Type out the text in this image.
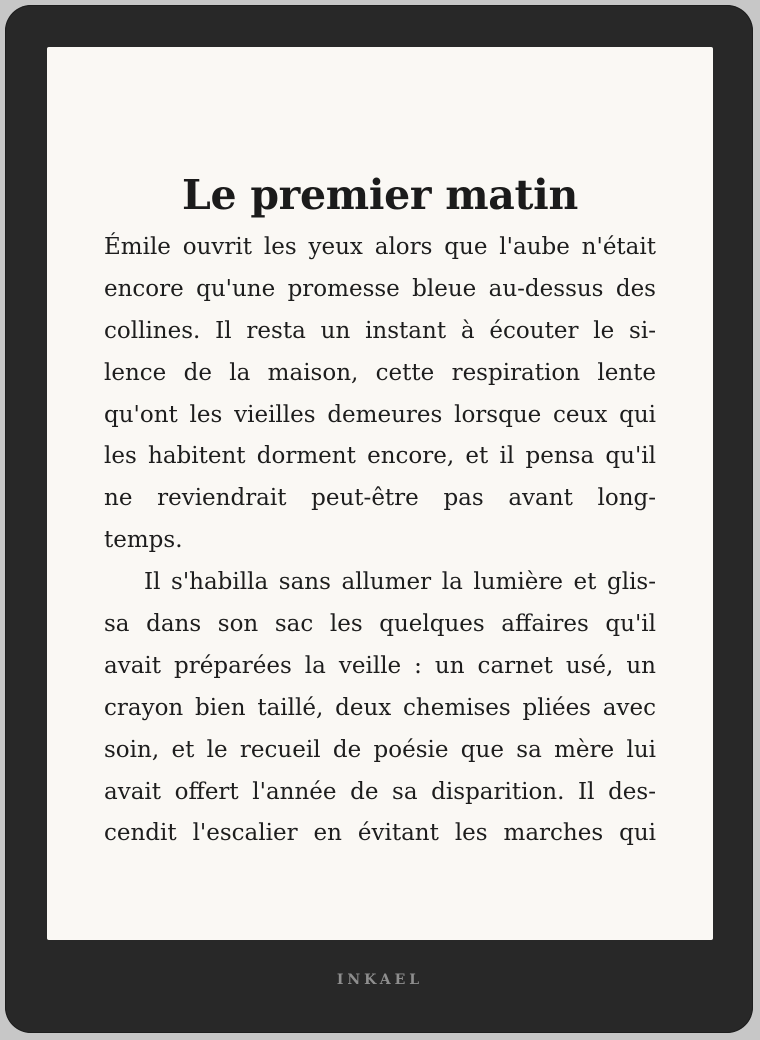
Le premier matin
Émile ouvrit les yeux alors que l'aube n'était
encore qu'une promesse bleue au-dessus des
collines. Il resta un instant à écouter le si-
lence de la maison, cette respiration lente
qu'ont les vieilles demeures lorsque ceux qui
les habitent dorment encore, et il pensa qu'il
ne reviendrait peut-être pas avant long-
temps.
Il s'habilla sans allumer la lumière et glis-
sa dans son sac les quelques affaires qu'il
avait préparées la veille : un carnet usé, un
crayon bien taillé, deux chemises pliées avec
soin, et le recueil de poésie que sa mère lui
avait offert l'année de sa disparition. Il des-
cendit l'escalier en évitant les marches qui
INKAEL
